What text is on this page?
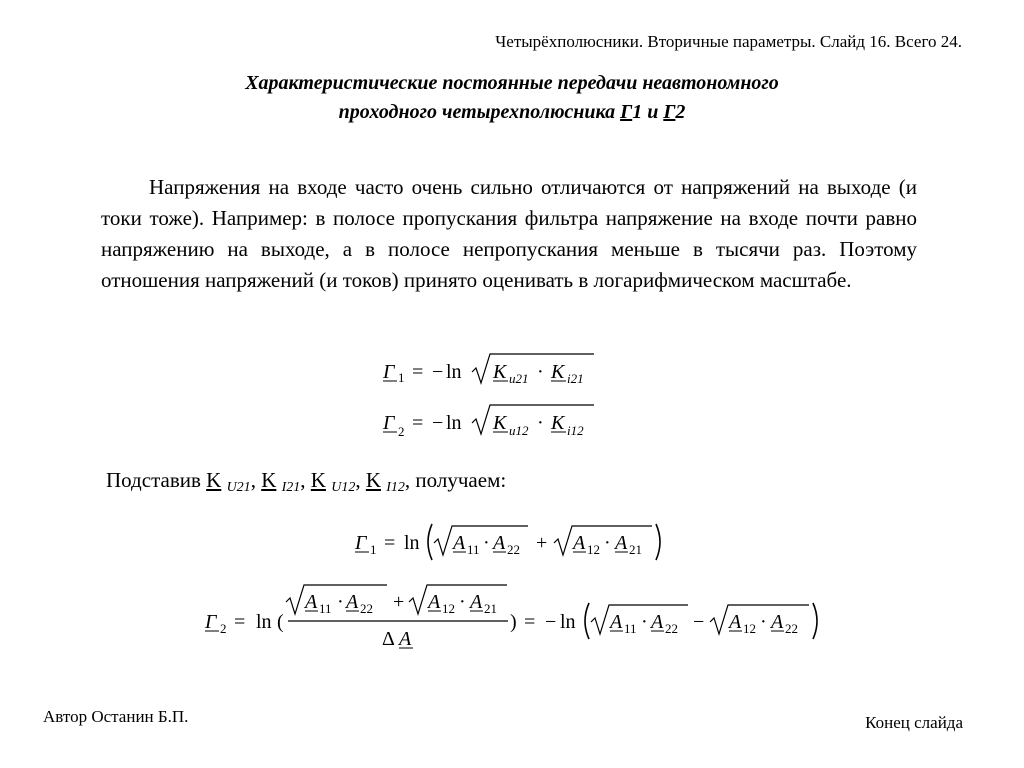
Четырёхполюсники. Вторичные параметры. Слайд 16. Всего 24.
Характеристические постоянные передачи неавтономного
проходного четырехполюсника Г1 и Г2

Напряжения на входе часто очень сильно отличаются от напряжений на выходе (и токи тоже). Например: в полосе пропускания фильтра напряжение на входе почти равно напряжению на выходе, а в полосе непропускания меньше в тысячи раз. Поэтому отношения напряжений (и токов) принято оценивать в логарифмическом масштабе.

Γ 1 = − ln K u21 · K i21
Γ 2 = − ln K u12 · K i12
Γ 1 = ln A 11 · A 22 + A 12 · A 21
Γ 2 = ln (
A 11 · A 22 + A 12 · A 21
Δ A
) = − ln A 11 · A 22 − A 12 · A 22
Подставив K $_{U21}$, K $_{I21}$, K $_{U12}$, K $_{I12}$, получаем:
Автор Останин Б.П.	Конец слайда
